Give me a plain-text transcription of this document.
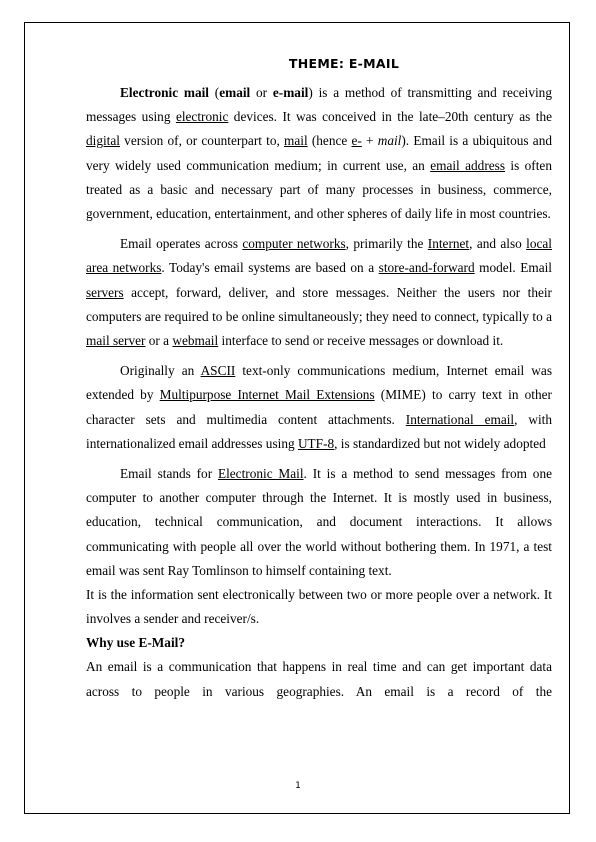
THEME: E-MAIL

Electronic mail (email or e-mail) is a method of transmitting and receiving messages using electronic devices. It was conceived in the late–20th century as the digital version of, or counterpart to, mail (hence e- + mail). Email is a ubiquitous and very widely used communication medium; in current use, an email address is often treated as a basic and necessary part of many processes in business, commerce, government, education, entertainment, and other spheres of daily life in most countries.

Email operates across computer networks, primarily the Internet, and also local area networks. Today's email systems are based on a store-and-forward model. Email servers accept, forward, deliver, and store messages. Neither the users nor their computers are required to be online simultaneously; they need to connect, typically to a mail server or a webmail interface to send or receive messages or download it.

Originally an ASCII text-only communications medium, Internet email was extended by Multipurpose Internet Mail Extensions (MIME) to carry text in other character sets and multimedia content attachments. International email, with internationalized email addresses using UTF-8, is standardized but not widely adopted

Email stands for Electronic Mail. It is a method to send messages from one computer to another computer through the Internet. It is mostly used in business, education, technical communication, and document interactions. It allows communicating with people all over the world without bothering them. In 1971, a test email was sent Ray Tomlinson to himself containing text.

It is the information sent electronically between two or more people over a network. It involves a sender and receiver/s.

Why use E-Mail?

An email is a communication that happens in real time and can get important data across to people in various geographies. An email is a record of the

1
